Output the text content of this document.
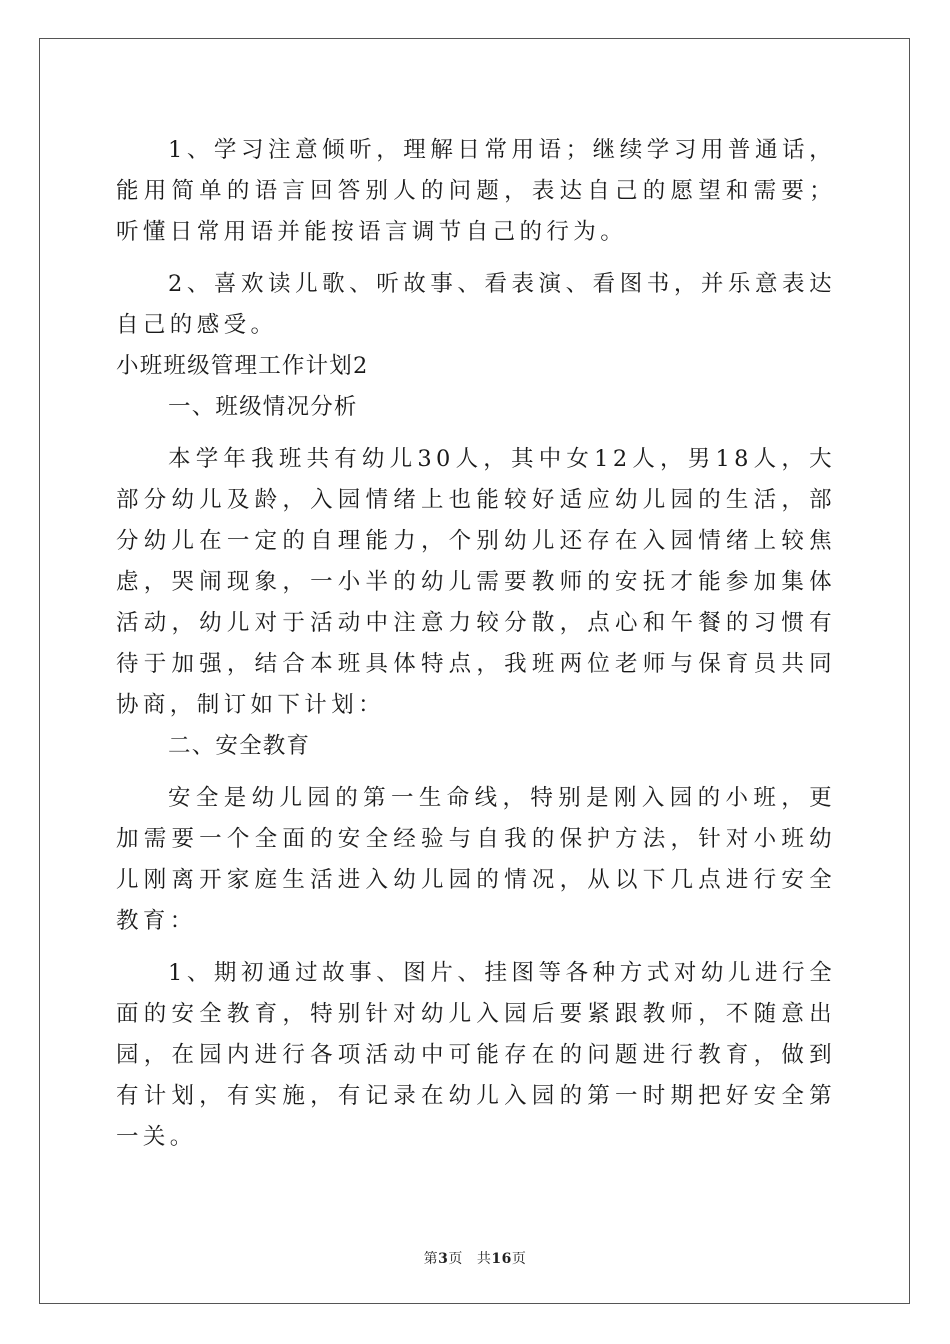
1、学习注意倾听，理解日常用语；继续学习用普通话，能用简单的语言回答别人的问题，表达自己的愿望和需要；听懂日常用语并能按语言调节自己的行为。

2、喜欢读儿歌、听故事、看表演、看图书，并乐意表达自己的感受。

小班班级管理工作计划2

一、班级情况分析

本学年我班共有幼儿30人，其中女12人，男18人，大部分幼儿及龄，入园情绪上也能较好适应幼儿园的生活，部分幼儿在一定的自理能力，个别幼儿还存在入园情绪上较焦虑，哭闹现象，一小半的幼儿需要教师的安抚才能参加集体活动，幼儿对于活动中注意力较分散，点心和午餐的习惯有待于加强，结合本班具体特点，我班两位老师与保育员共同协商，制订如下计划：

二、安全教育

安全是幼儿园的第一生命线，特别是刚入园的小班，更加需要一个全面的安全经验与自我的保护方法，针对小班幼儿刚离开家庭生活进入幼儿园的情况，从以下几点进行安全教育：

1、期初通过故事、图片、挂图等各种方式对幼儿进行全面的安全教育，特别针对幼儿入园后要紧跟教师，不随意出园，在园内进行各项活动中可能存在的问题进行教育，做到有计划，有实施，有记录在幼儿入园的第一时期把好安全第一关。

第3页 共16页
